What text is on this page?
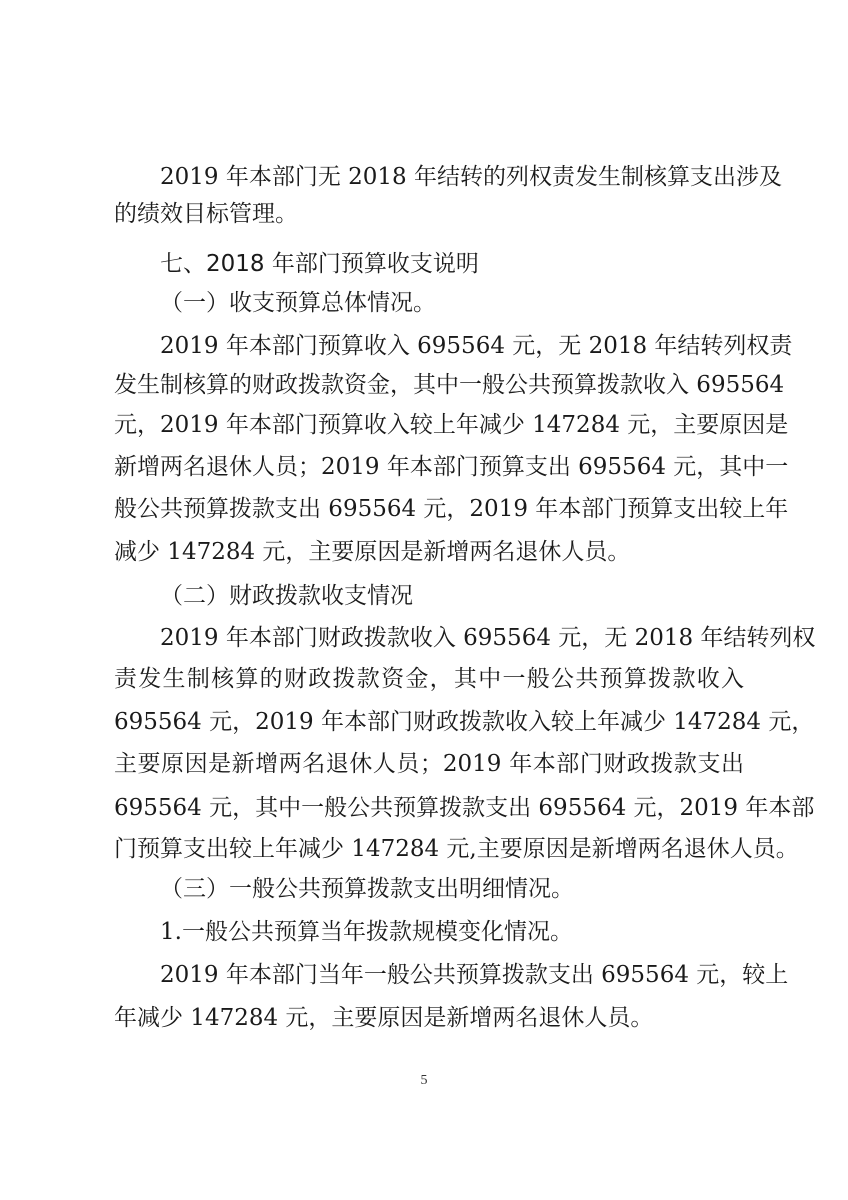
2019 年本部门无 2018 年结转的列权责发生制核算支出涉及
的绩效目标管理。
七、2018 年部门预算收支说明
（一）收支预算总体情况。
2019 年本部门预算收入 695564 元，无 2018 年结转列权责
发生制核算的财政拨款资金，其中一般公共预算拨款收入 695564
元，2019 年本部门预算收入较上年减少 147284 元，主要原因是
新增两名退休人员；2019 年本部门预算支出 695564 元，其中一
般公共预算拨款支出 695564 元，2019 年本部门预算支出较上年
减少 147284 元，主要原因是新增两名退休人员。
（二）财政拨款收支情况
2019 年本部门财政拨款收入 695564 元，无 2018 年结转列权
责发生制核算的财政拨款资金，其中一般公共预算拨款收入
695564 元，2019 年本部门财政拨款收入较上年减少 147284 元，
主要原因是新增两名退休人员；2019 年本部门财政拨款支出
695564 元，其中一般公共预算拨款支出 695564 元，2019 年本部
门预算支出较上年减少 147284 元,主要原因是新增两名退休人员。
（三）一般公共预算拨款支出明细情况。
1.一般公共预算当年拨款规模变化情况。
2019 年本部门当年一般公共预算拨款支出 695564 元，较上
年减少 147284 元，主要原因是新增两名退休人员。
5
